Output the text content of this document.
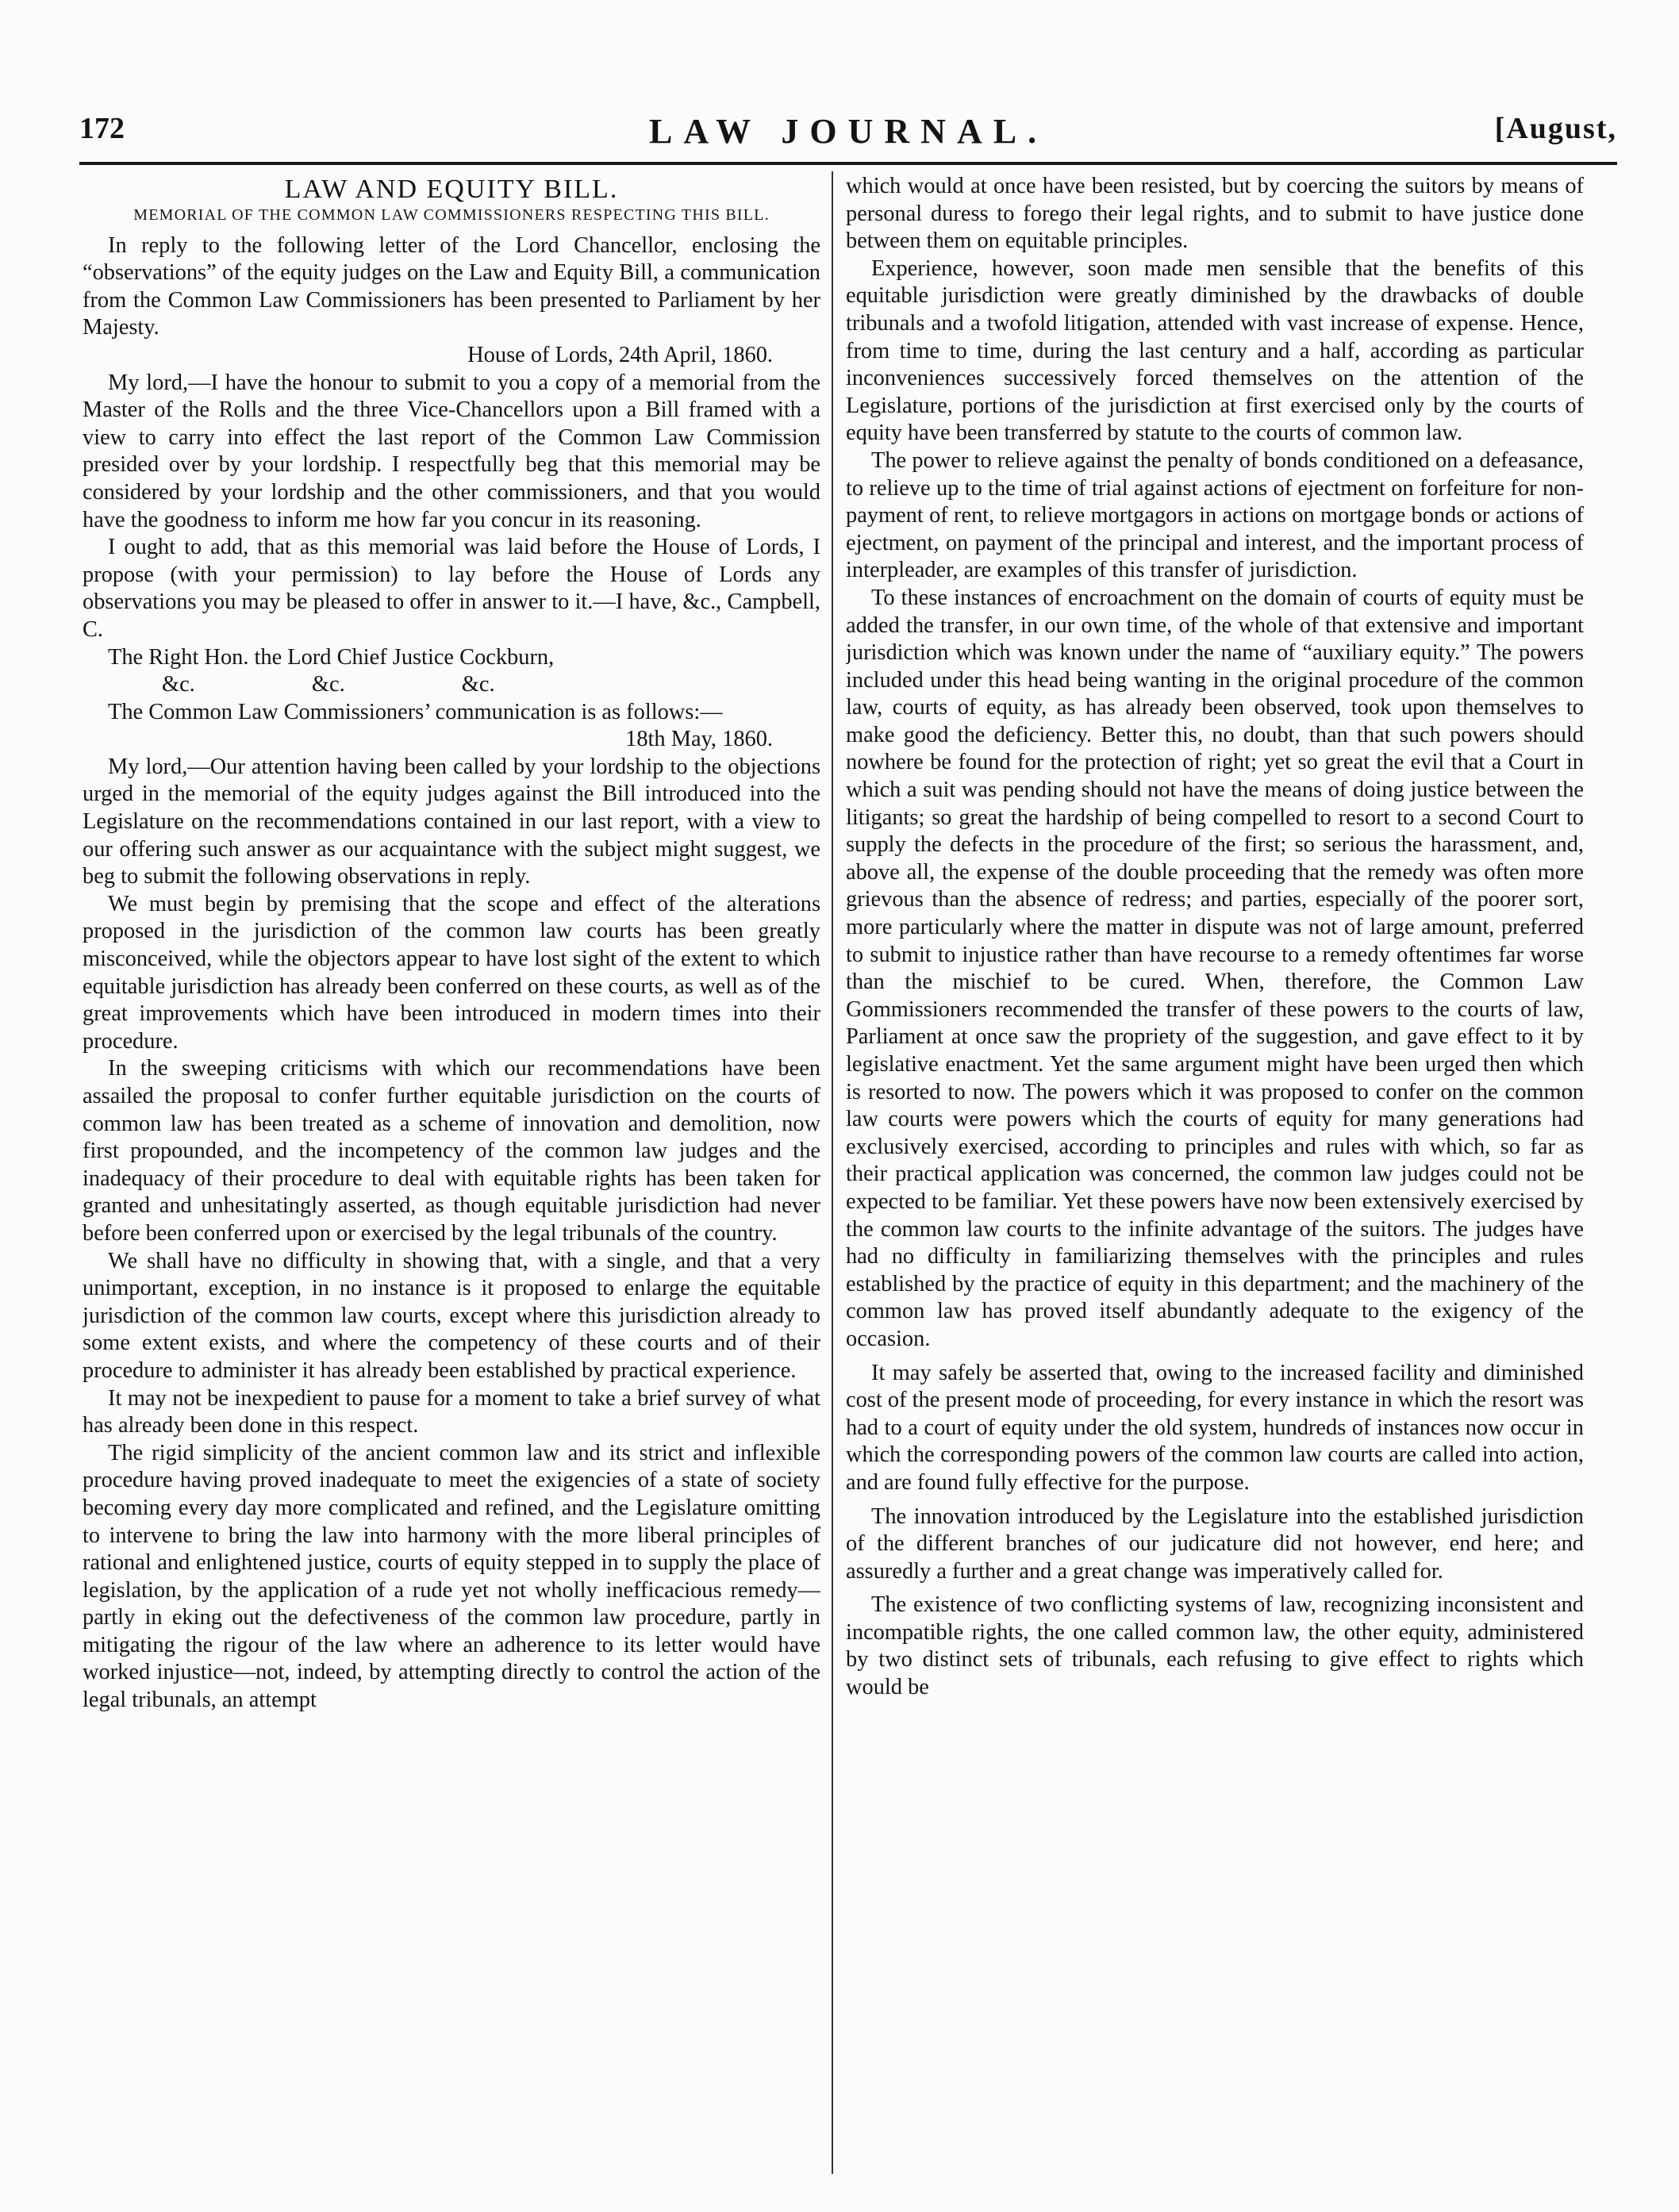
172	LAW JOURNAL.	[August,
LAW AND EQUITY BILL.
MEMORIAL OF THE COMMON LAW COMMISSIONERS RESPECTING THIS BILL.

In reply to the following letter of the Lord Chancellor, enclosing the “observations” of the equity judges on the Law and Equity Bill, a communication from the Common Law Commissioners has been presented to Parliament by her Majesty.

House of Lords, 24th April, 1860.

My lord,—I have the honour to submit to you a copy of a memorial from the Master of the Rolls and the three Vice-Chancellors upon a Bill framed with a view to carry into effect the last report of the Common Law Commission presided over by your lordship. I respectfully beg that this memorial may be considered by your lordship and the other commissioners, and that you would have the goodness to inform me how far you concur in its reasoning.

I ought to add, that as this memorial was laid before the House of Lords, I propose (with your permission) to lay before the House of Lords any observations you may be pleased to offer in answer to it.—I have, &c., Campbell, C.

The Right Hon. the Lord Chief Justice Cockburn,

&c. &c. &c.

The Common Law Commissioners’ communication is as follows:—

18th May, 1860.

My lord,—Our attention having been called by your lordship to the objections urged in the memorial of the equity judges against the Bill introduced into the Legislature on the recommendations contained in our last report, with a view to our offering such answer as our acquaintance with the subject might suggest, we beg to submit the following observations in reply.

We must begin by premising that the scope and effect of the alterations proposed in the jurisdiction of the common law courts has been greatly misconceived, while the objectors appear to have lost sight of the extent to which equitable jurisdiction has already been conferred on these courts, as well as of the great improvements which have been introduced in modern times into their procedure.

In the sweeping criticisms with which our recommendations have been assailed the proposal to confer further equitable jurisdiction on the courts of common law has been treated as a scheme of innovation and demolition, now first propounded, and the incompetency of the common law judges and the inadequacy of their procedure to deal with equitable rights has been taken for granted and unhesitatingly asserted, as though equitable jurisdiction had never before been conferred upon or exercised by the legal tribunals of the country.

We shall have no difficulty in showing that, with a single, and that a very unimportant, exception, in no instance is it proposed to enlarge the equitable jurisdiction of the common law courts, except where this jurisdiction already to some extent exists, and where the competency of these courts and of their procedure to administer it has already been established by practical experience.

It may not be inexpedient to pause for a moment to take a brief survey of what has already been done in this respect.

The rigid simplicity of the ancient common law and its strict and inflexible procedure having proved inadequate to meet the exigencies of a state of society becoming every day more complicated and refined, and the Legislature omitting to intervene to bring the law into harmony with the more liberal principles of rational and enlightened justice, courts of equity stepped in to supply the place of legislation, by the application of a rude yet not wholly inefficacious remedy—partly in eking out the defectiveness of the common law procedure, partly in mitigating the rigour of the law where an adherence to its letter would have worked injustice—not, indeed, by attempting directly to control the action of the legal tribunals, an attempt

which would at once have been resisted, but by coercing the suitors by means of personal duress to forego their legal rights, and to submit to have justice done between them on equitable principles.

Experience, however, soon made men sensible that the benefits of this equitable jurisdiction were greatly diminished by the drawbacks of double tribunals and a twofold litigation, attended with vast increase of expense. Hence, from time to time, during the last century and a half, according as particular inconveniences successively forced themselves on the attention of the Legislature, portions of the jurisdiction at first exercised only by the courts of equity have been transferred by statute to the courts of common law.

The power to relieve against the penalty of bonds conditioned on a defeasance, to relieve up to the time of trial against actions of ejectment on forfeiture for non-payment of rent, to relieve mortgagors in actions on mortgage bonds or actions of ejectment, on payment of the principal and interest, and the important process of interpleader, are examples of this transfer of jurisdiction.

To these instances of encroachment on the domain of courts of equity must be added the transfer, in our own time, of the whole of that extensive and important jurisdiction which was known under the name of “auxiliary equity.” The powers included under this head being wanting in the original procedure of the common law, courts of equity, as has already been observed, took upon themselves to make good the deficiency. Better this, no doubt, than that such powers should nowhere be found for the protection of right; yet so great the evil that a Court in which a suit was pending should not have the means of doing justice between the litigants; so great the hardship of being compelled to resort to a second Court to supply the defects in the procedure of the first; so serious the harassment, and, above all, the expense of the double proceeding that the remedy was often more grievous than the absence of redress; and parties, especially of the poorer sort, more particularly where the matter in dispute was not of large amount, preferred to submit to injustice rather than have recourse to a remedy oftentimes far worse than the mischief to be cured. When, therefore, the Common Law Gommissioners recommended the transfer of these powers to the courts of law, Parliament at once saw the propriety of the suggestion, and gave effect to it by legislative enactment. Yet the same argument might have been urged then which is resorted to now. The powers which it was proposed to confer on the common law courts were powers which the courts of equity for many generations had exclusively exercised, according to principles and rules with which, so far as their practical application was concerned, the common law judges could not be expected to be familiar. Yet these powers have now been extensively exercised by the common law courts to the infinite advantage of the suitors. The judges have had no difficulty in familiarizing themselves with the principles and rules established by the practice of equity in this department; and the machinery of the common law has proved itself abundantly adequate to the exigency of the occasion.

It may safely be asserted that, owing to the increased facility and diminished cost of the present mode of proceeding, for every instance in which the resort was had to a court of equity under the old system, hundreds of instances now occur in which the corresponding powers of the common law courts are called into action, and are found fully effective for the purpose.

The innovation introduced by the Legislature into the established jurisdiction of the different branches of our judicature did not however, end here; and assuredly a further and a great change was imperatively called for.

The existence of two conflicting systems of law, recognizing inconsistent and incompatible rights, the one called common law, the other equity, administered by two distinct sets of tribunals, each refusing to give effect to rights which would be
